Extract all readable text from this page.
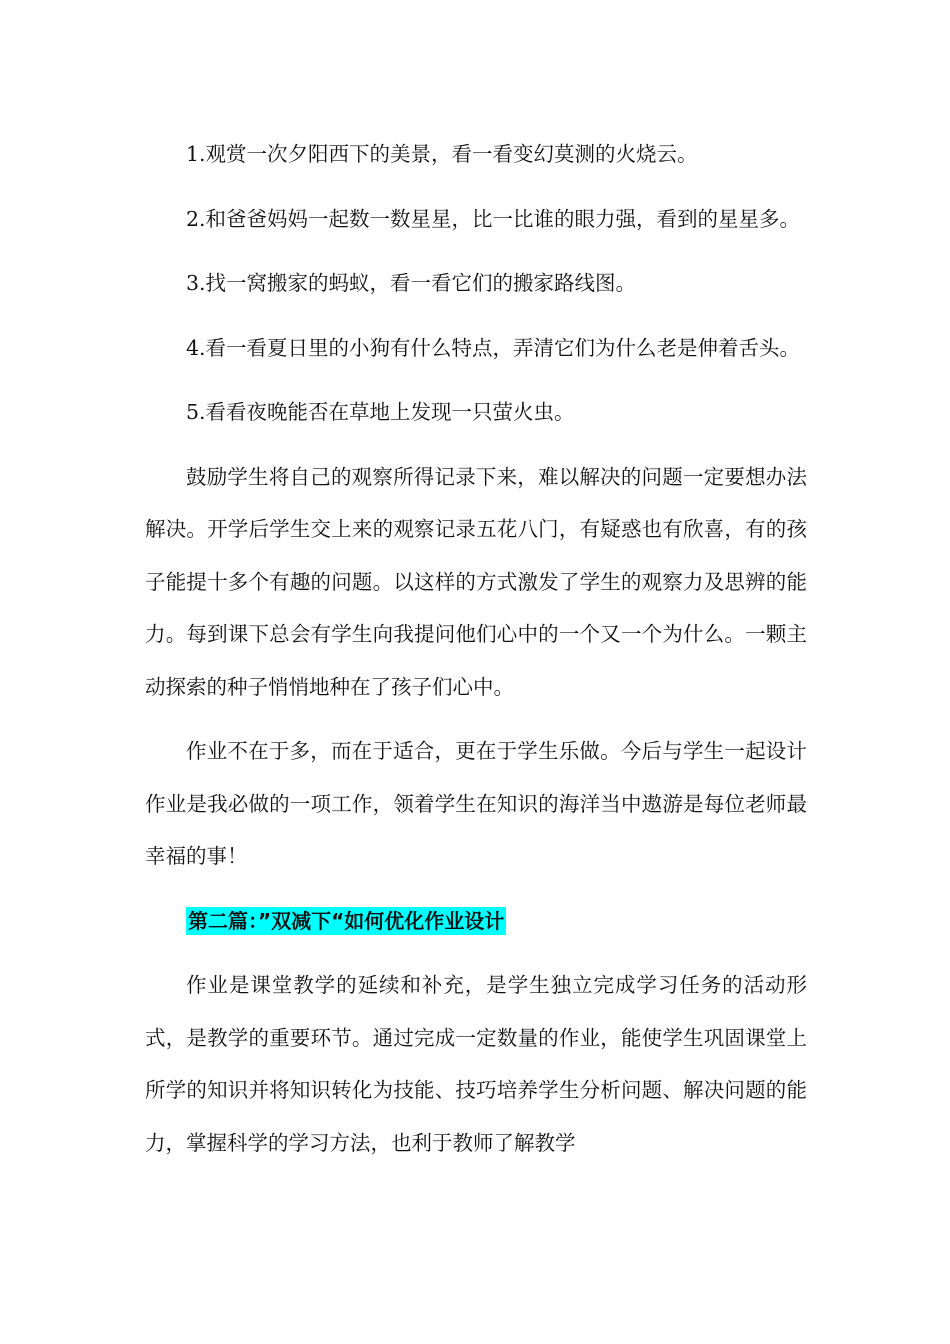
1.观赏一次夕阳西下的美景，看一看变幻莫测的火烧云。

2.和爸爸妈妈一起数一数星星，比一比谁的眼力强，看到的星星多。

3.找一窝搬家的蚂蚁，看一看它们的搬家路线图。

4.看一看夏日里的小狗有什么特点，弄清它们为什么老是伸着舌头。

5.看看夜晚能否在草地上发现一只萤火虫。

鼓励学生将自己的观察所得记录下来，难以解决的问题一定要想办法解决。开学后学生交上来的观察记录五花八门，有疑惑也有欣喜，有的孩子能提十多个有趣的问题。以这样的方式激发了学生的观察力及思辨的能力。每到课下总会有学生向我提问他们心中的一个又一个为什么。一颗主动探索的种子悄悄地种在了孩子们心中。

作业不在于多，而在于适合，更在于学生乐做。今后与学生一起设计作业是我必做的一项工作，领着学生在知识的海洋当中遨游是每位老师最幸福的事！

第二篇：”双减下“如何优化作业设计

作业是课堂教学的延续和补充，是学生独立完成学习任务的活动形式，是教学的重要环节。通过完成一定数量的作业，能使学生巩固课堂上所学的知识并将知识转化为技能、技巧培养学生分析问题、解决问题的能力，掌握科学的学习方法，也利于教师了解教学
